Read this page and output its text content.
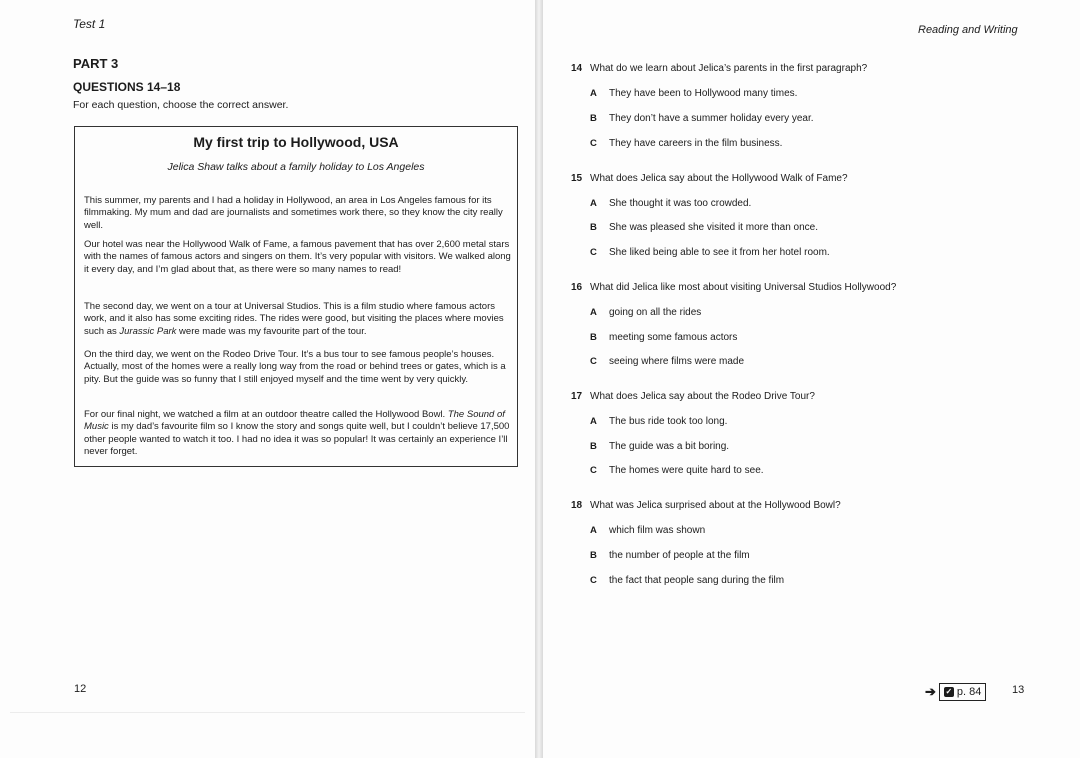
Test 1
PART 3
QUESTIONS 14–18
For each question, choose the correct answer.
My first trip to Hollywood, USA
Jelica Shaw talks about a family holiday to Los Angeles

This summer, my parents and I had a holiday in Hollywood, an area in Los Angeles famous for its filmmaking. My mum and dad are journalists and sometimes work there, so they know the city really well.

Our hotel was near the Hollywood Walk of Fame, a famous pavement that has over 2,600 metal stars with the names of famous actors and singers on them. It’s very popular with visitors. We walked along it every day, and I’m glad about that, as there were so many names to read!

The second day, we went on a tour at Universal Studios. This is a film studio where famous actors work, and it also has some exciting rides. The rides were good, but visiting the places where movies such as Jurassic Park were made was my favourite part of the tour.

On the third day, we went on the Rodeo Drive Tour. It’s a bus tour to see famous people’s houses. Actually, most of the homes were a really long way from the road or behind trees or gates, which is a pity. But the guide was so funny that I still enjoyed myself and the time went by very quickly.

For our final night, we watched a film at an outdoor theatre called the Hollywood Bowl. The Sound of Music is my dad’s favourite film so I know the story and songs quite well, but I couldn’t believe 17,500 other people wanted to watch it too. I had no idea it was so popular! It was certainly an experience I’ll never forget.

12
Reading and Writing
14 What do we learn about Jelica’s parents in the first paragraph?
A They have been to Hollywood many times.
B They don’t have a summer holiday every year.
C They have careers in the film business.
15 What does Jelica say about the Hollywood Walk of Fame?
A She thought it was too crowded.
B She was pleased she visited it more than once.
C She liked being able to see it from her hotel room.
16 What did Jelica like most about visiting Universal Studios Hollywood?
A going on all the rides
B meeting some famous actors
C seeing where films were made
17 What does Jelica say about the Rodeo Drive Tour?
A The bus ride took too long.
B The guide was a bit boring.
C The homes were quite hard to see.
18 What was Jelica surprised about at the Hollywood Bowl?
A which film was shown
B the number of people at the film
C the fact that people sang during the film
➔ ✓ p. 84	13
